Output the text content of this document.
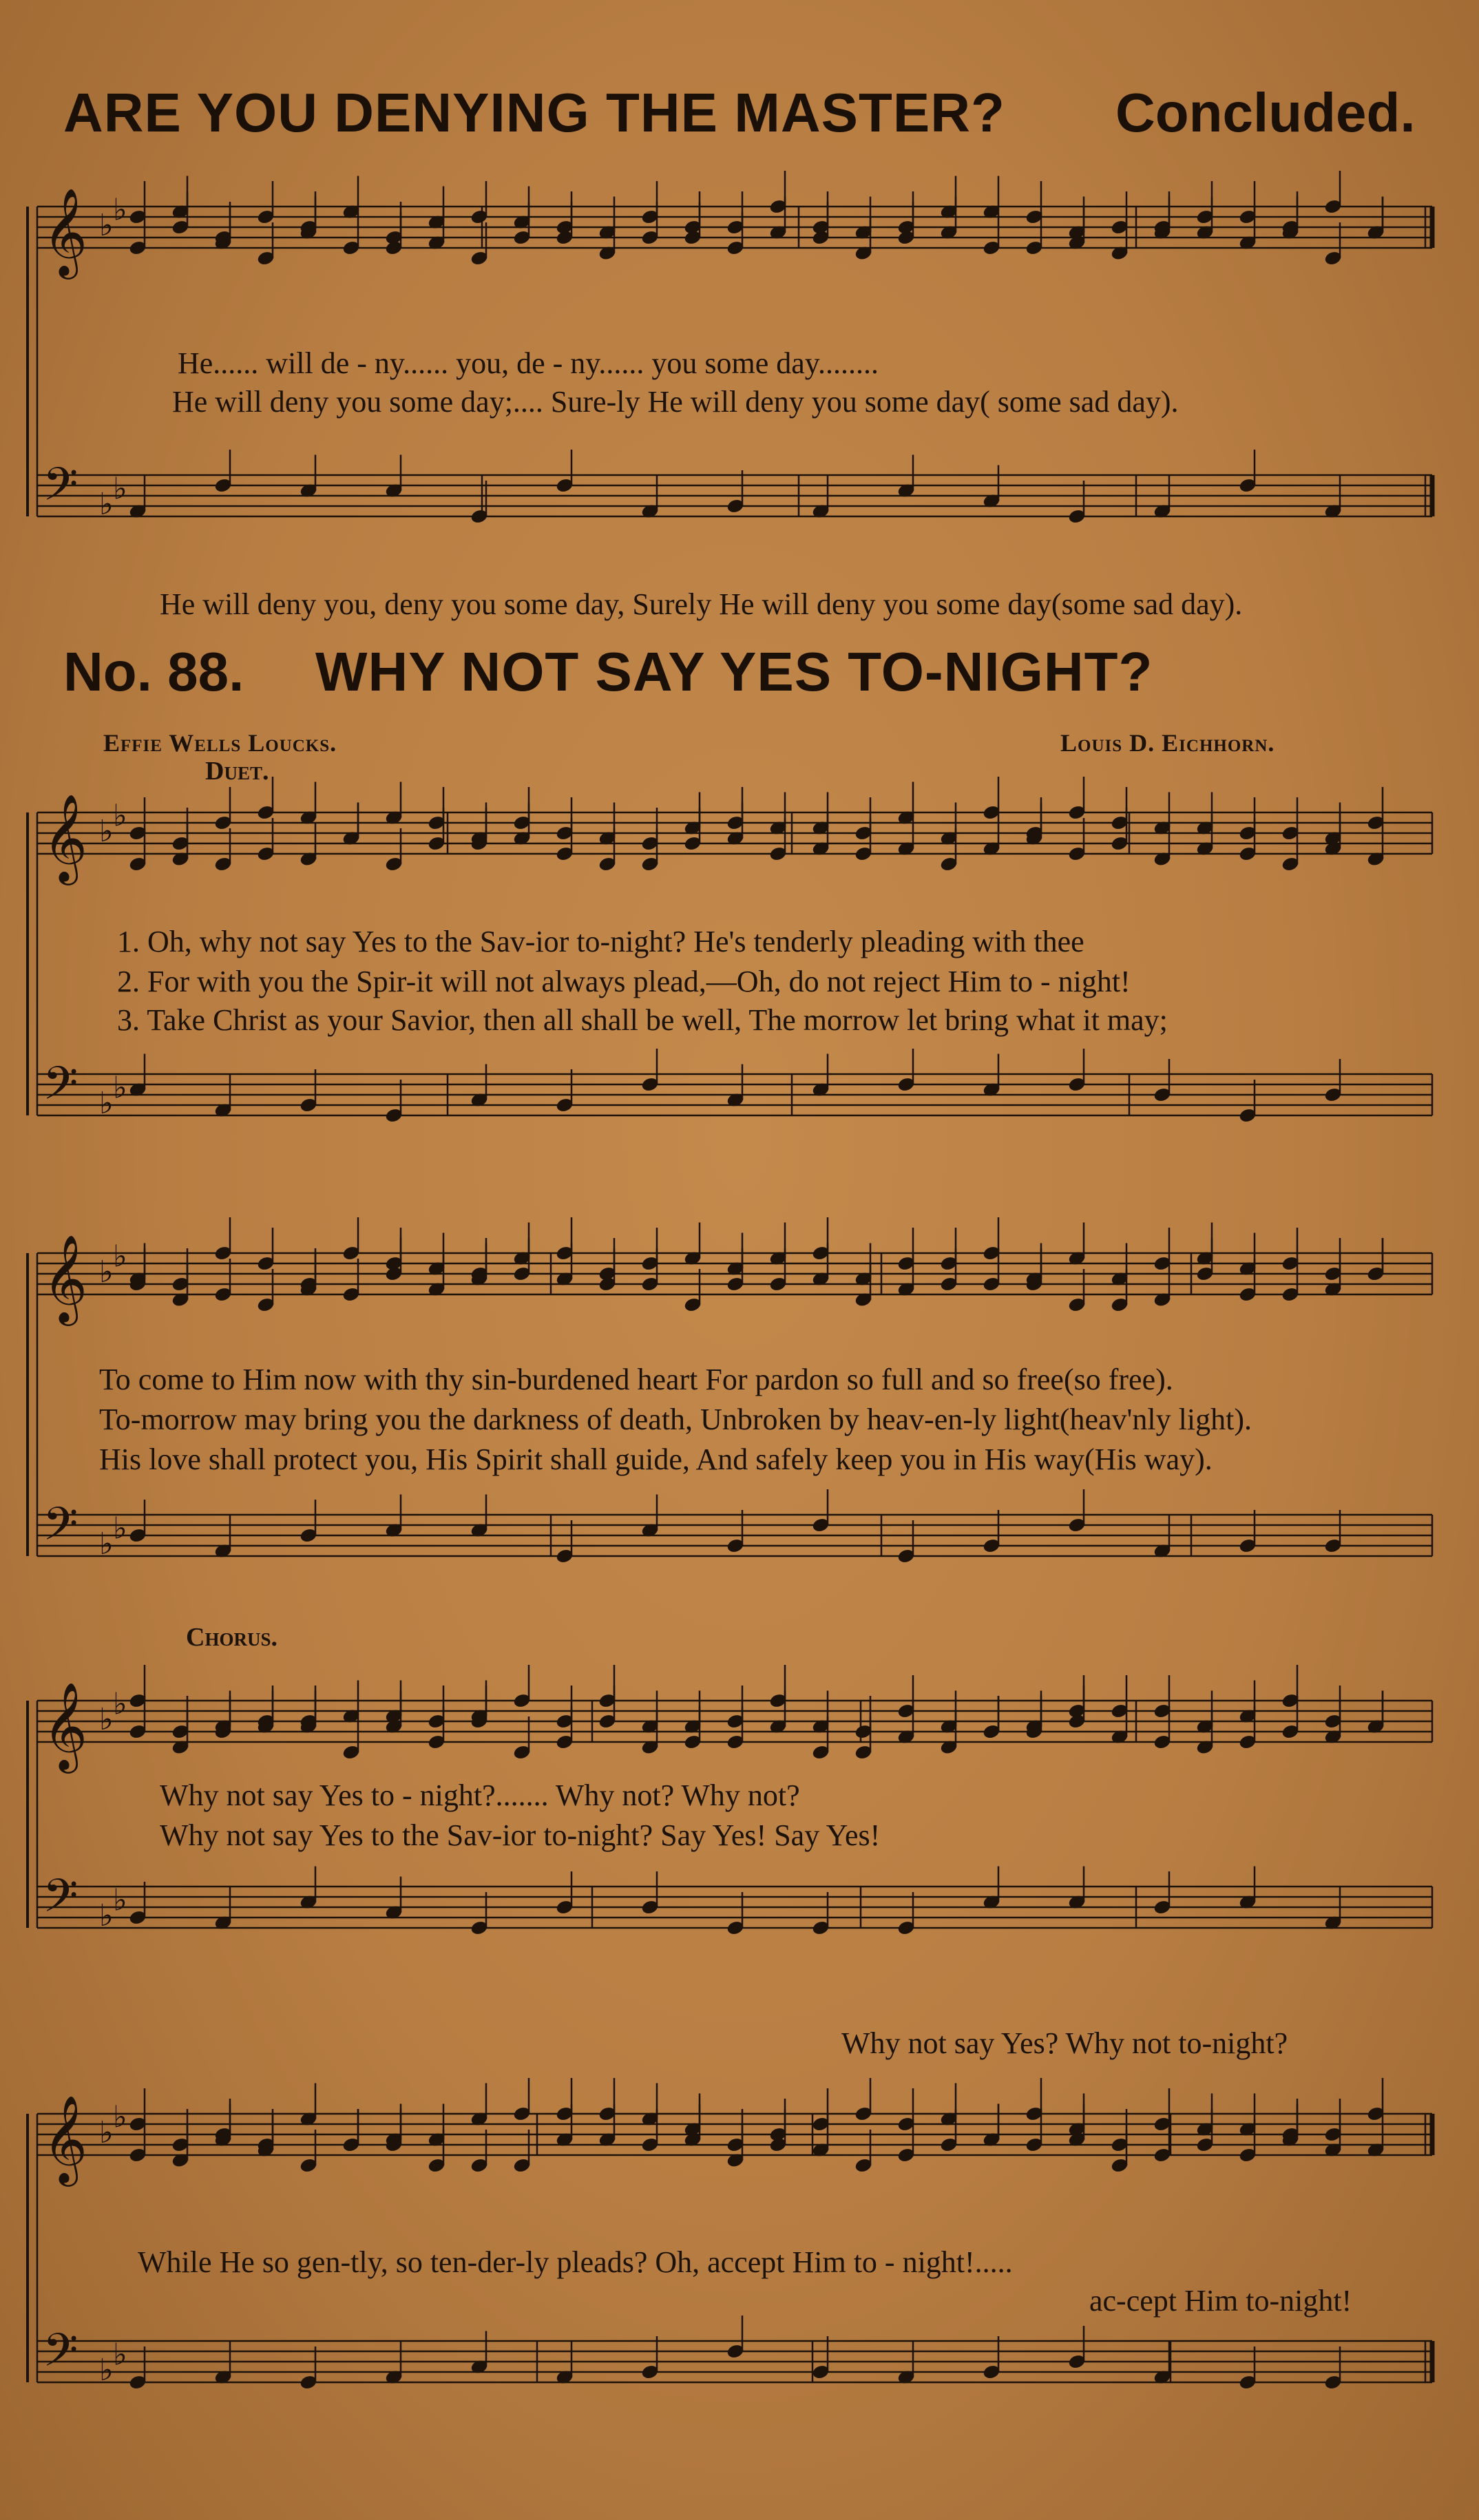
𝄞
𝄢
♭ ♭
♭ ♭
𝄞
𝄢
♭ ♭
♭ ♭
𝄞
𝄢
♭ ♭
♭ ♭
𝄞
𝄢
♭ ♭
♭ ♭
𝄞
𝄢
♭ ♭
♭ ♭
ARE YOU DENYING THE MASTER? Concluded.
He...... will de - ny...... you, de - ny...... you some day........
He will deny you some day;.... Sure-ly He will deny you some day( some sad day).
He will deny you, deny you some day, Surely He will deny you some day(some sad day).
No. 88. WHY NOT SAY YES TO-NIGHT?
Effie Wells Loucks.	Louis D. Eichhorn.
Duet.
1. Oh, why not say Yes to the Sav-ior to-night? He's tenderly pleading with thee
2. For with you the Spir-it will not always plead,—Oh, do not reject Him to - night!
3. Take Christ as your Savior, then all shall be well, The morrow let bring what it may;
To come to Him now with thy sin-burdened heart For pardon so full and so free(so free).
To-morrow may bring you the darkness of death, Unbroken by heav-en-ly light(heav'nly light).
His love shall protect you, His Spirit shall guide, And safely keep you in His way(His way).
Chorus.
Why not say Yes to - night?....... Why not? Why not?
Why not say Yes to the Sav-ior to-night? Say Yes! Say Yes!
Why not say Yes? Why not to-night?
While He so gen-tly, so ten-der-ly pleads? Oh, accept Him to - night!.....
ac-cept Him to-night!
